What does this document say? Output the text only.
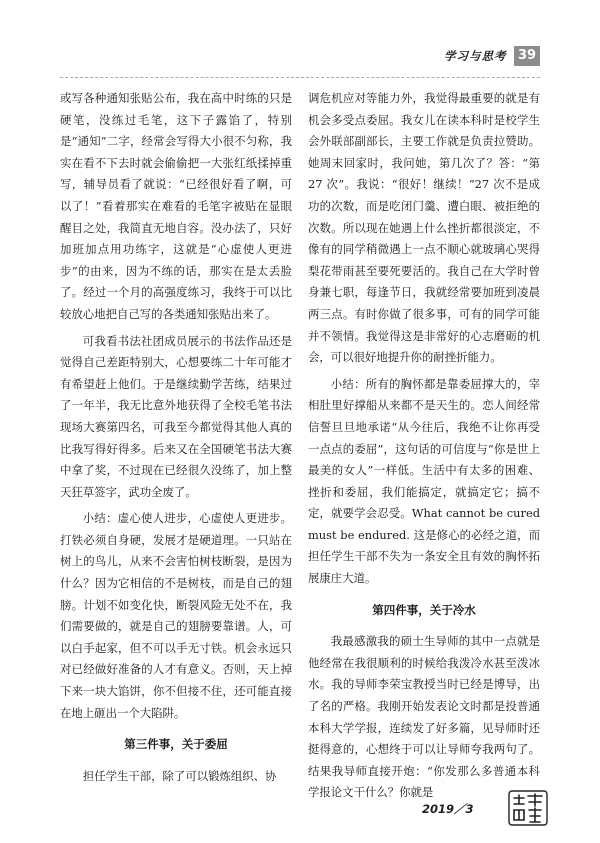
学习与思考 39

或写各种通知张贴公布，我在高中时练的只是硬笔，没练过毛笔，这下子露馅了，特别是“通知”二字，经常会写得大小很不匀称，我实在看不下去时就会偷偷把一大张红纸揉掉重写，辅导员看了就说：“已经很好看了啊，可以了！”看着那实在难看的毛笔字被贴在显眼醒目之处，我简直无地自容。没办法了，只好加班加点用功练字，这就是“心虚使人更进步”的由来，因为不练的话，那实在是太丢脸了。经过一个月的高强度练习，我终于可以比较放心地把自己写的各类通知张贴出来了。

可我看书法社团成员展示的书法作品还是觉得自己差距特别大，心想要练二十年可能才有希望赶上他们。于是继续勤学苦练，结果过了一年半，我无比意外地获得了全校毛笔书法现场大赛第四名，可我至今都觉得其他人真的比我写得好得多。后来又在全国硬笔书法大赛中拿了奖，不过现在已经很久没练了，加上整天狂草签字，武功全废了。

小结：虚心使人进步，心虚使人更进步。打铁必须自身硬，发展才是硬道理。一只站在树上的鸟儿，从来不会害怕树枝断裂，是因为什么？因为它相信的不是树枝，而是自己的翅膀。计划不如变化快，断裂风险无处不在，我们需要做的，就是自己的翅膀要靠谱。人，可以白手起家，但不可以手无寸铁。机会永远只对已经做好准备的人才有意义。否则，天上掉下来一块大馅饼，你不但接不住，还可能直接在地上砸出一个大陷阱。

第三件事，关于委屈

担任学生干部，除了可以锻炼组织、协

调危机应对等能力外，我觉得最重要的就是有机会多受点委屈。我女儿在读本科时是校学生会外联部副部长，主要工作就是负责拉赞助。她周末回家时，我问她，第几次了？答：“第 27 次”。我说：“很好！继续！”27 次不是成功的次数，而是吃闭门羹、遭白眼、被拒绝的次数。所以现在她遇上什么挫折都很淡定，不像有的同学稍微遇上一点不顺心就玻璃心哭得梨花带雨甚至要死要活的。我自己在大学时曾身兼七职，每逢节日，我就经常要加班到凌晨两三点。有时你做了很多事，可有的同学可能并不领情。我觉得这是非常好的心志磨砺的机会，可以很好地提升你的耐挫折能力。

小结：所有的胸怀都是靠委屈撑大的，宰相肚里好撑船从来都不是天生的。恋人间经常信誓旦旦地承诺“从今往后，我绝不让你再受一点点的委屈”，这句话的可信度与“你是世上最美的女人”一样低。生活中有太多的困难、挫折和委屈，我们能搞定，就搞定它；搞不定，就要学会忍受。What cannot be cured must be endured. 这是修心的必经之道，而担任学生干部不失为一条安全且有效的胸怀拓展康庄大道。

第四件事，关于冷水

我最感激我的硕士生导师的其中一点就是他经常在我很顺利的时候给我泼冷水甚至泼冰水。我的导师李荣宝教授当时已经是博导，出了名的严格。我刚开始发表论文时都是投普通本科大学学报，连续发了好多篇，见导师时还挺得意的，心想终于可以让导师夸我两句了。结果我导师直接开炮：“你发那么多普通本科学报论文干什么？你就是

2019／3
